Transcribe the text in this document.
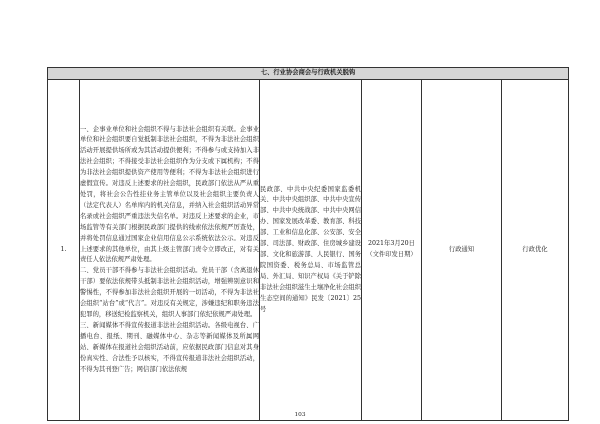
七、行业协会商会与行政机关脱钩
1.	
一、企事业单位和社会组织不得与非法社会组织有关联。企事业单位和社会组织要自觉抵制非法社会组织，不得为非法社会组织活动开展提供场所或为其活动提供便利；不得参与或支持加入非法社会组织；不得接受非法社会组织作为分支或下属机构；不得为非法社会组织提供资产使用等便利；不得为非法社会组织进行虚假宣传。对违反上述要求的社会组织，民政部门依法从严从重处罚，将社会公告性挂业务主管单位以及社会组织主要负责人（法定代表人）名单库内的机关信息，并纳入社会组织活动异常名录或社会组织严重违法失信名单。对违反上述要求的企业，市场监管等有关部门根据民政部门提供的线索依法依规严厉查处，并将处罚信息通过国家企业信用信息公示系统依法公示。对违反上述要求的其他单位，由其上级主管部门责令立即改正，对有关责任人依法依规严肃处理。
二、党员干部不得参与非法社会组织活动。党员干部（含离退休干部）要依法依规带头抵制非法社会组织活动，增强辨别意识和警惕性，不得参加非法社会组织开展的一切活动，不得为非法社会组织“站台”或“代言”。对违反有关规定，涉嫌违纪和职务违法犯罪的，移送纪检监察机关，组织人事部门依纪依规严肃处理。
三、新闻媒体不得宣传报道非法社会组织活动。各级电视台、广播电台、报纸、期刊、融媒体中心、杂志等新闻媒体及所属网站、新媒体在报道社会组织活动前，应依据民政部门信息对其身份真实性、合法性予以核实，不得宣传报道非法社会组织活动，不得为其刊登广告；网信部门依法依规
	民政部、中共中央纪委国家监委机关、中共中央组织部、中共中央宣传部、中共中央统战部、中共中央网信办、国家发展改革委、教育部、科技部、工业和信息化部、公安部、安全部、司法部、财政部、住房城乡建设部、文化和旅游部、人民银行、国务院国资委、税务总局、市场监管总局、外汇局、知识产权局《关于铲除非法社会组织滋生土壤净化社会组织生态空间的通知》民发〔2021〕25号	2021年3月20日（文件印发日期）	行政通知	行政优化
103
